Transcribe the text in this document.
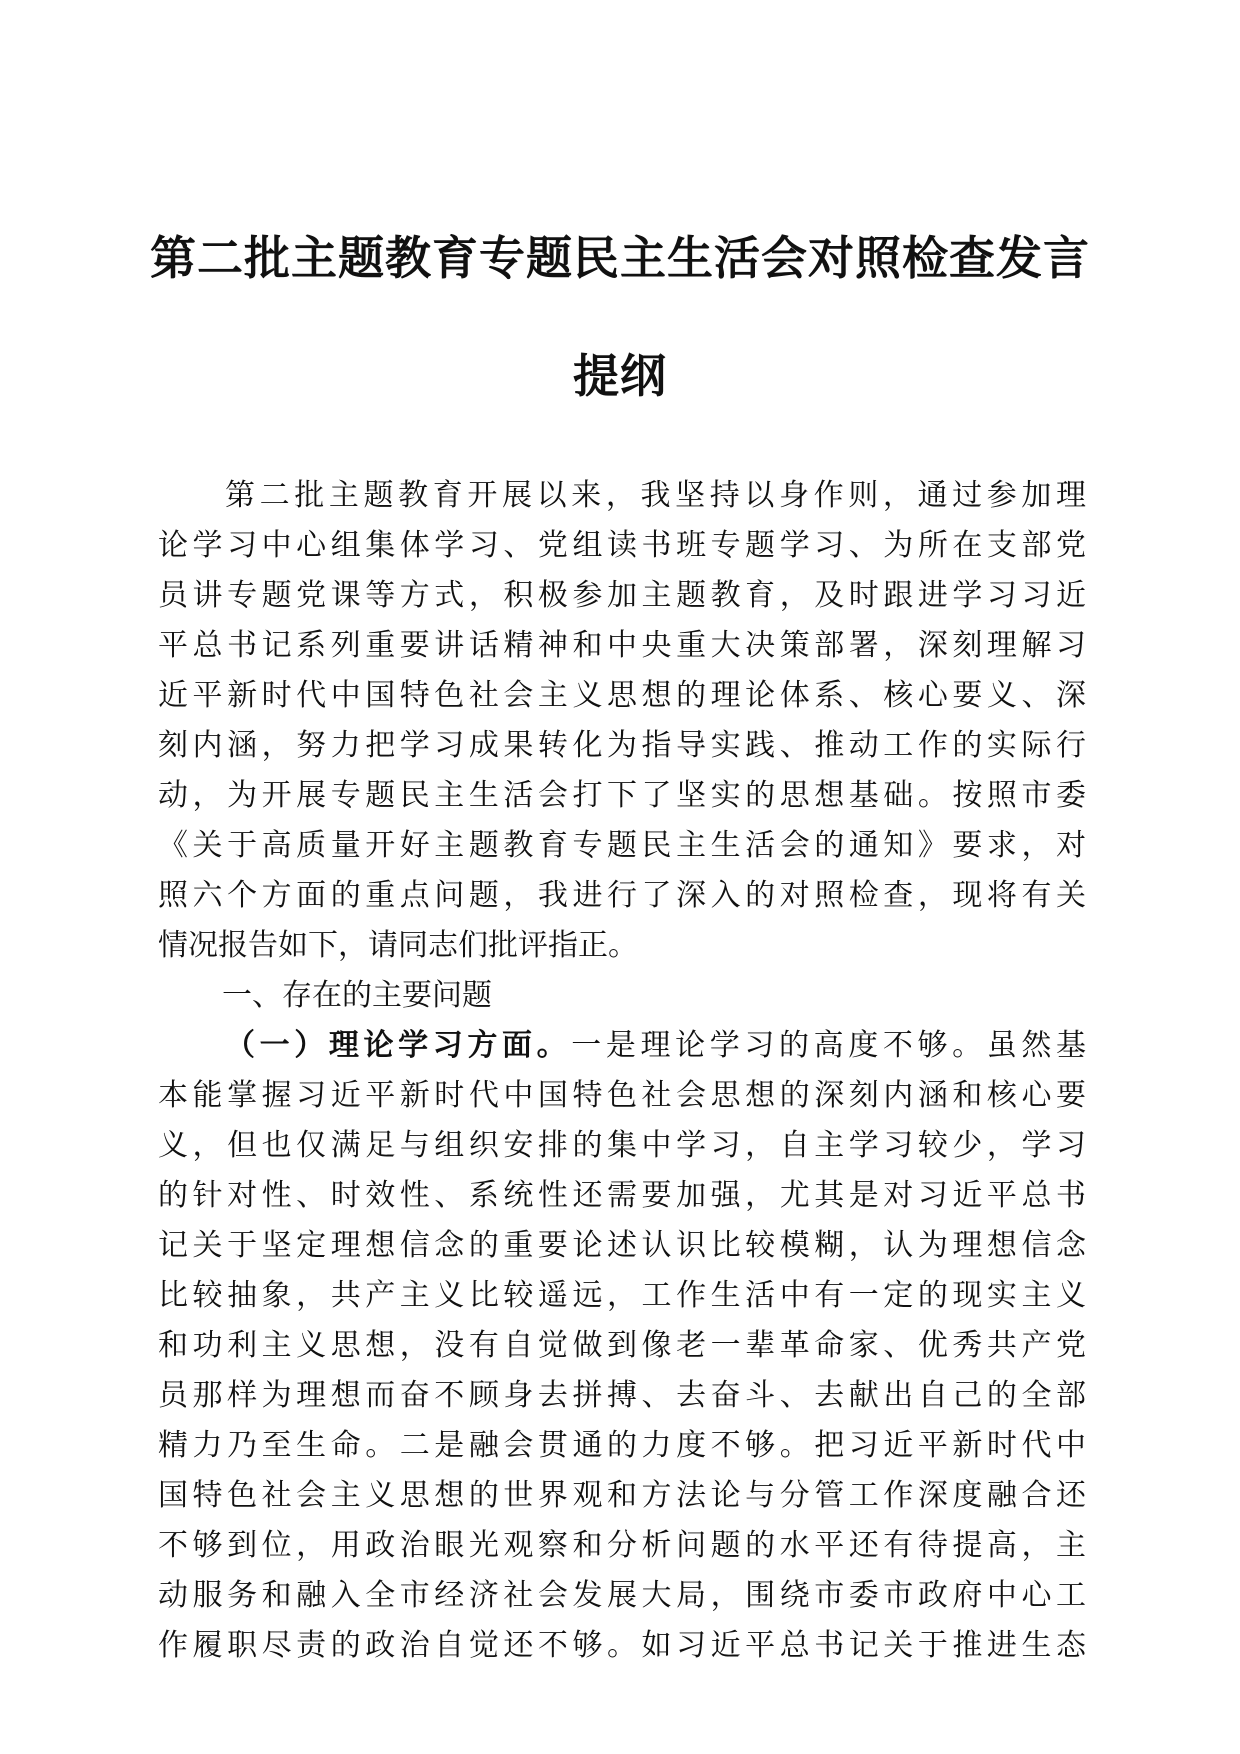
第二批主题教育专题民主生活会对照检查发言
提纲

第二批主题教育开展以来，我坚持以身作则，通过参加理

论学习中心组集体学习、党组读书班专题学习、为所在支部党

员讲专题党课等方式，积极参加主题教育，及时跟进学习习近

平总书记系列重要讲话精神和中央重大决策部署，深刻理解习

近平新时代中国特色社会主义思想的理论体系、核心要义、深

刻内涵，努力把学习成果转化为指导实践、推动工作的实际行

动，为开展专题民主生活会打下了坚实的思想基础。按照市委

《关于高质量开好主题教育专题民主生活会的通知》要求，对

照六个方面的重点问题，我进行了深入的对照检查，现将有关

情况报告如下，请同志们批评指正。

一、存在的主要问题

（一）理论学习方面。一是理论学习的高度不够。虽然基

本能掌握习近平新时代中国特色社会思想的深刻内涵和核心要

义，但也仅满足与组织安排的集中学习，自主学习较少，学习

的针对性、时效性、系统性还需要加强，尤其是对习近平总书

记关于坚定理想信念的重要论述认识比较模糊，认为理想信念

比较抽象，共产主义比较遥远，工作生活中有一定的现实主义

和功利主义思想，没有自觉做到像老一辈革命家、优秀共产党

员那样为理想而奋不顾身去拼搏、去奋斗、去献出自己的全部

精力乃至生命。二是融会贯通的力度不够。把习近平新时代中

国特色社会主义思想的世界观和方法论与分管工作深度融合还

不够到位，用政治眼光观察和分析问题的水平还有待提高，主

动服务和融入全市经济社会发展大局，围绕市委市政府中心工

作履职尽责的政治自觉还不够。如习近平总书记关于推进生态
